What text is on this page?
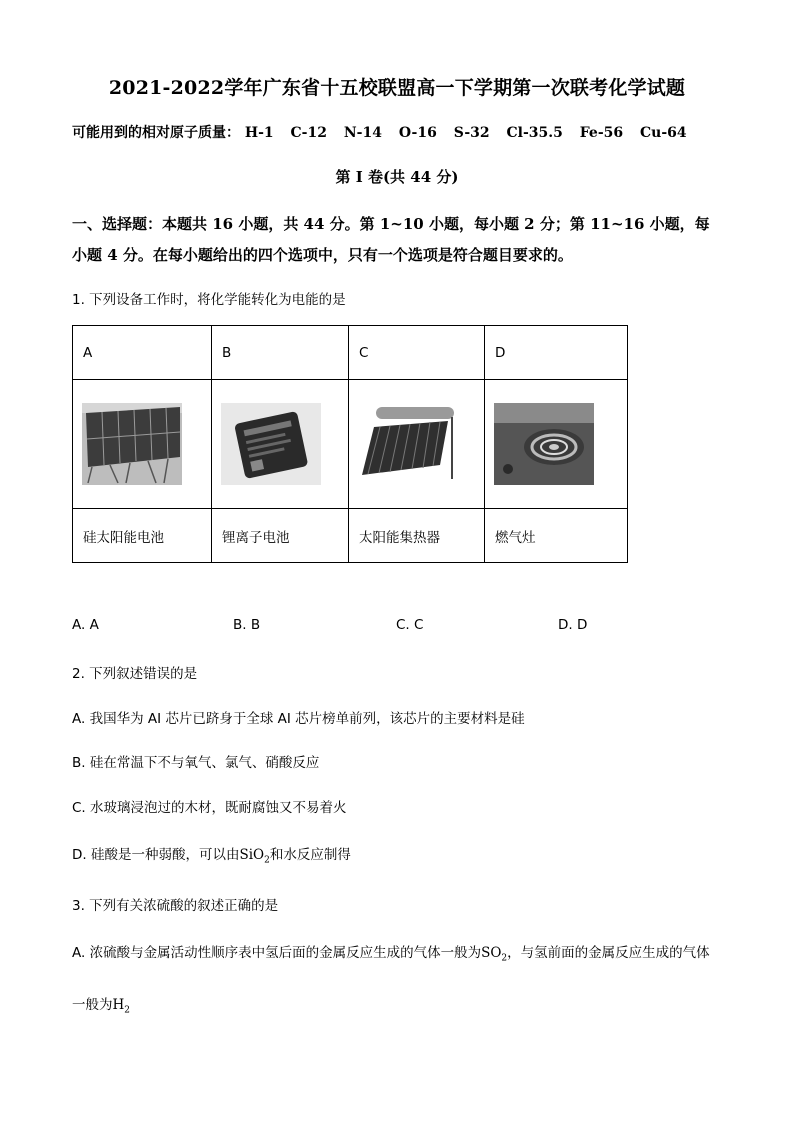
2021-2022学年广东省十五校联盟高一下学期第一次联考化学试题
可能用到的相对原子质量： H-1 C-12 N-14 O-16 S-32 Cl-35.5 Fe-56 Cu-64
第 I 卷(共 44 分)
一、选择题：本题共 16 小题，共 44 分。第 1~10 小题，每小题 2 分；第 11~16 小题，每小题 4 分。在每小题给出的四个选项中，只有一个选项是符合题目要求的。
1. 下列设备工作时，将化学能转化为电能的是
A	B	C	D

硅太阳能电池	锂离子电池	太阳能集热器	燃气灶
A. A	B. B	C. C	D. D
2. 下列叙述错误的是
A. 我国华为 AI 芯片已跻身于全球 AI 芯片榜单前列，该芯片的主要材料是硅
B. 硅在常温下不与氧气、氯气、硝酸反应
C. 水玻璃浸泡过的木材，既耐腐蚀又不易着火
D. 硅酸是一种弱酸，可以由SiO$_2$和水反应制得
3. 下列有关浓硫酸的叙述正确的是
A. 浓硫酸与金属活动性顺序表中氢后面的金属反应生成的气体一般为$SO_2$，与氢前面的金属反应生成的气体一般为$H_2$
